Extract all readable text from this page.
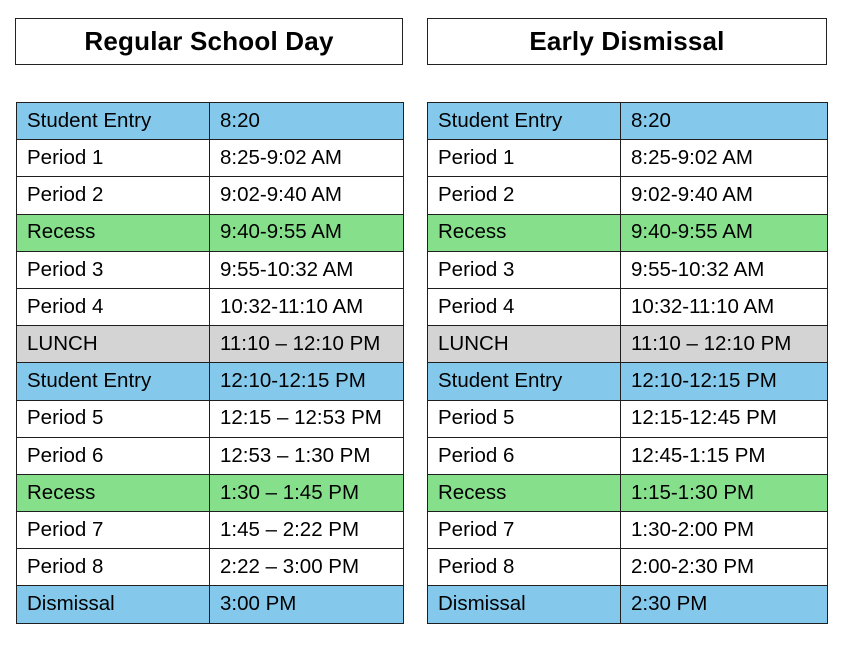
Regular School Day	Early Dismissal
Student Entry	8:20
Period 1	8:25-9:02 AM
Period 2	9:02-9:40 AM
Recess	9:40-9:55 AM
Period 3	9:55-10:32 AM
Period 4	10:32-11:10 AM
LUNCH	11:10 – 12:10 PM
Student Entry	12:10-12:15 PM
Period 5	12:15 – 12:53 PM
Period 6	12:53 – 1:30 PM
Recess	1:30 – 1:45 PM
Period 7	1:45 – 2:22 PM
Period 8	2:22 – 3:00 PM
Dismissal	3:00 PM
Student Entry	8:20
Period 1	8:25-9:02 AM
Period 2	9:02-9:40 AM
Recess	9:40-9:55 AM
Period 3	9:55-10:32 AM
Period 4	10:32-11:10 AM
LUNCH	11:10 – 12:10 PM
Student Entry	12:10-12:15 PM
Period 5	12:15-12:45 PM
Period 6	12:45-1:15 PM
Recess	1:15-1:30 PM
Period 7	1:30-2:00 PM
Period 8	2:00-2:30 PM
Dismissal	2:30 PM
